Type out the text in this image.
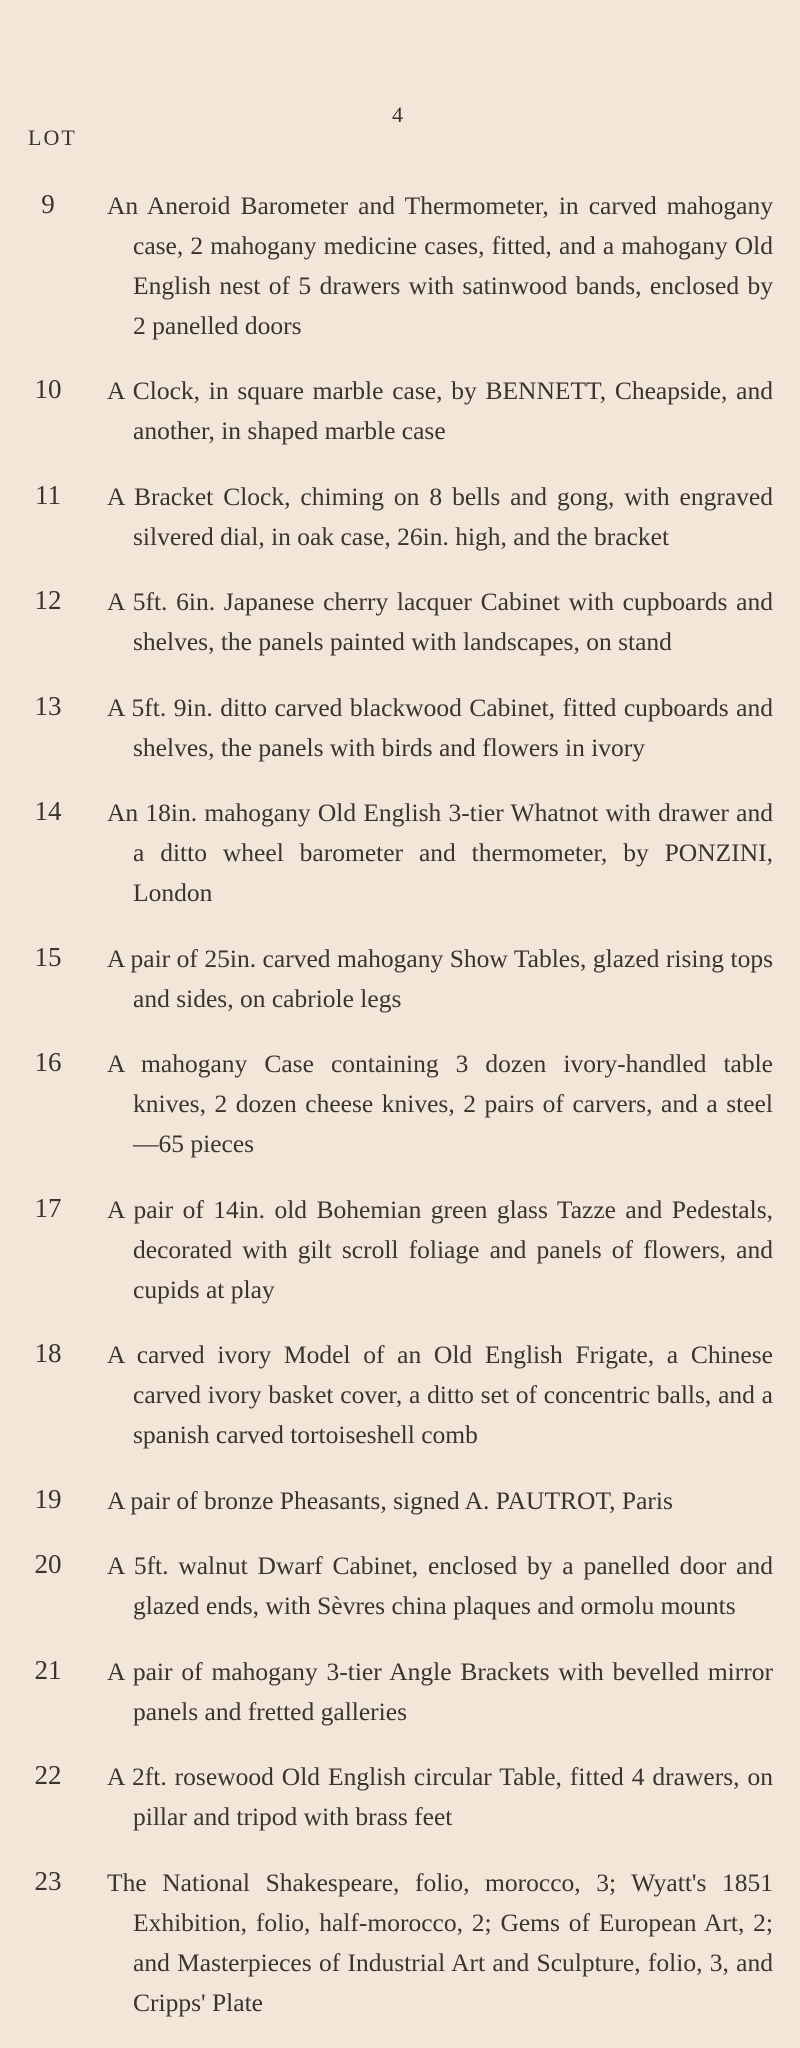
4
LOT
9	An Aneroid Barometer and Thermometer, in carved mahogany case, 2 mahogany medicine cases, fitted, and a mahogany Old English nest of 5 drawers with satinwood bands, enclosed by 2 panelled doors

10 A Clock, in square marble case, by BENNETT, Cheapside, and another, in shaped marble case

11 A Bracket Clock, chiming on 8 bells and gong, with engraved silvered dial, in oak case, 26in. high, and the bracket

12 A 5ft. 6in. Japanese cherry lacquer Cabinet with cupboards and shelves, the panels painted with landscapes, on stand

13 A 5ft. 9in. ditto carved blackwood Cabinet, fitted cupboards and shelves, the panels with birds and flowers in ivory

14 An 18in. mahogany Old English 3-tier Whatnot with drawer and a ditto wheel barometer and thermometer, by PONZINI, London

15 A pair of 25in. carved mahogany Show Tables, glazed rising tops and sides, on cabriole legs

16 A mahogany Case containing 3 dozen ivory-handled table knives, 2 dozen cheese knives, 2 pairs of carvers, and a steel—65 pieces

17 A pair of 14in. old Bohemian green glass Tazze and Pedestals, decorated with gilt scroll foliage and panels of flowers, and cupids at play

18 A carved ivory Model of an Old English Frigate, a Chinese carved ivory basket cover, a ditto set of concentric balls, and a spanish carved tortoiseshell comb

19 A pair of bronze Pheasants, signed A. PAUTROT, Paris

20 A 5ft. walnut Dwarf Cabinet, enclosed by a panelled door and glazed ends, with Sèvres china plaques and ormolu mounts

21 A pair of mahogany 3-tier Angle Brackets with bevelled mirror panels and fretted galleries

22 A 2ft. rosewood Old English circular Table, fitted 4 drawers, on pillar and tripod with brass feet

23 The National Shakespeare, folio, morocco, 3; Wyatt's 1851 Exhibition, folio, half-morocco, 2; Gems of European Art, 2; and Masterpieces of Industrial Art and Sculpture, folio, 3, and Cripps' Plate
